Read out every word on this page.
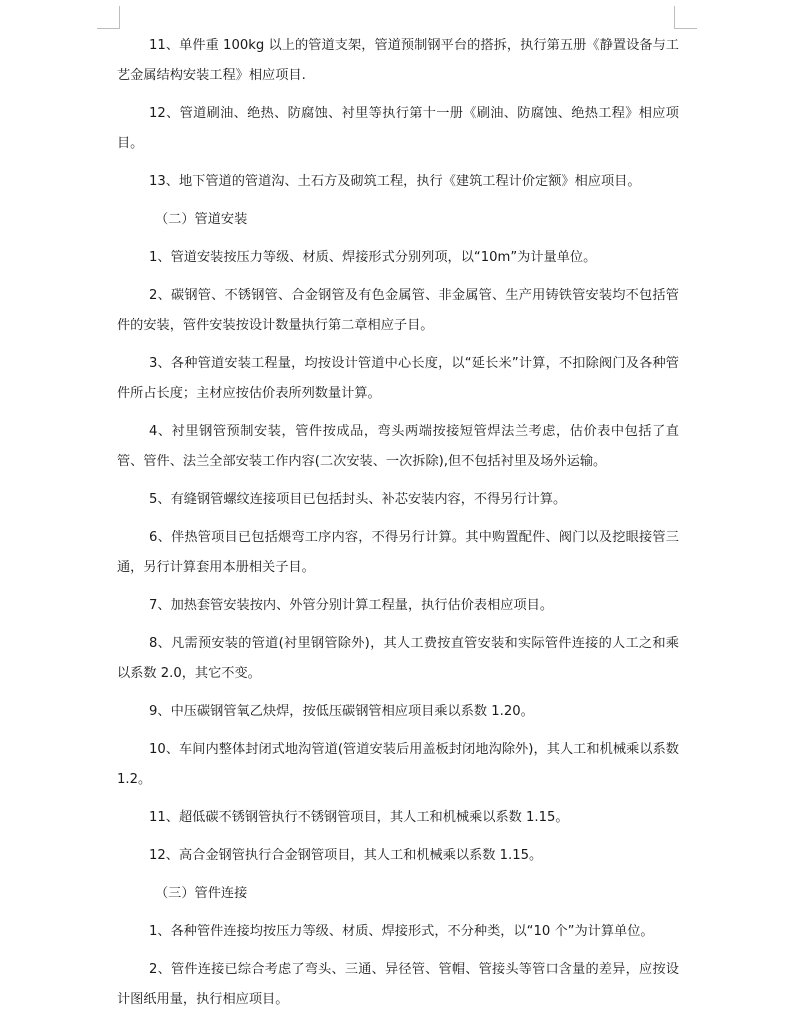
11、单件重 100kg 以上的管道支架，管道预制钢平台的搭拆，执行第五册《静置设备与工艺金属结构安装工程》相应项目.

12、管道刷油、绝热、防腐蚀、衬里等执行第十一册《刷油、防腐蚀、绝热工程》相应项目。

13、地下管道的管道沟、土石方及砌筑工程，执行《建筑工程计价定额》相应项目。

（二）管道安装

1、管道安装按压力等级、材质、焊接形式分别列项，以“10m”为计量单位。

2、碳钢管、不锈钢管、合金钢管及有色金属管、非金属管、生产用铸铁管安装均不包括管件的安装，管件安装按设计数量执行第二章相应子目。

3、各种管道安装工程量，均按设计管道中心长度，以“延长米”计算，不扣除阀门及各种管件所占长度；主材应按估价表所列数量计算。

4、衬里钢管预制安装，管件按成品，弯头两端按接短管焊法兰考虑，估价表中包括了直管、管件、法兰全部安装工作内容(二次安装、一次拆除),但不包括衬里及场外运输。

5、有缝钢管螺纹连接项目已包括封头、补芯安装内容，不得另行计算。

6、伴热管项目已包括煨弯工序内容，不得另行计算。其中购置配件、阀门以及挖眼接管三通，另行计算套用本册相关子目。

7、加热套管安装按内、外管分别计算工程量，执行估价表相应项目。

8、凡需预安装的管道(衬里钢管除外)，其人工费按直管安装和实际管件连接的人工之和乘以系数 2.0，其它不变。

9、中压碳钢管氧乙炔焊，按低压碳钢管相应项目乘以系数 1.20。

10、车间内整体封闭式地沟管道(管道安装后用盖板封闭地沟除外)，其人工和机械乘以系数 1.2。

11、超低碳不锈钢管执行不锈钢管项目，其人工和机械乘以系数 1.15。

12、高合金钢管执行合金钢管项目，其人工和机械乘以系数 1.15。

（三）管件连接

1、各种管件连接均按压力等级、材质、焊接形式，不分种类，以“10 个”为计算单位。

2、管件连接已综合考虑了弯头、三通、异径管、管帽、管接头等管口含量的差异，应按设计图纸用量，执行相应项目。
